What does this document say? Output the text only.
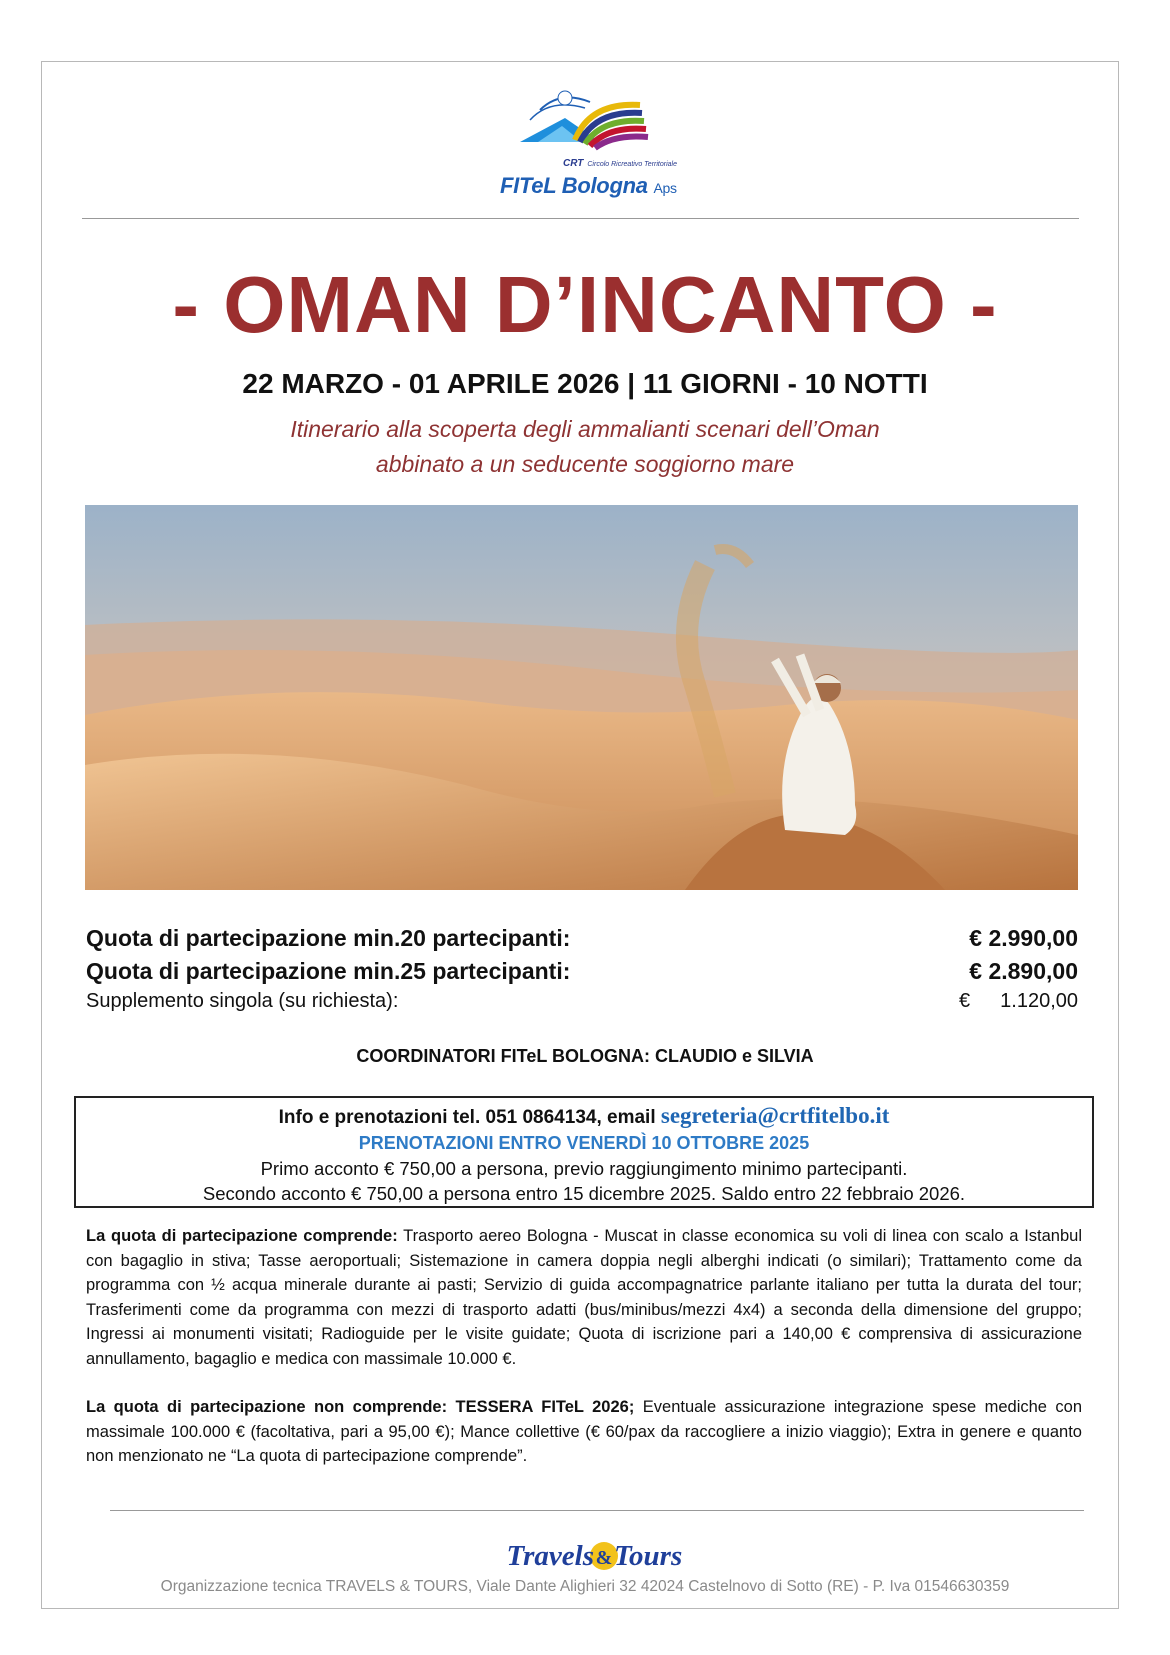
CRT Circolo Ricreativo Territoriale
FITeL Bologna Aps
- OMAN D’INCANTO -
22 MARZO - 01 APRILE 2026 | 11 GIORNI - 10 NOTTI
Itinerario alla scoperta degli ammalianti scenari dell’Oman
abbinato a un seducente soggiorno mare
Quota di partecipazione min.20 partecipanti:	€ 2.990,00
Quota di partecipazione min.25 partecipanti:	€ 2.890,00
Supplemento singola (su richiesta):	€ 1.120,00
COORDINATORI FITeL BOLOGNA: CLAUDIO e SILVIA
Info e prenotazioni tel. 051 0864134, email segreteria@crtfitelbo.it
PRENOTAZIONI ENTRO VENERDÌ 10 OTTOBRE 2025
Primo acconto € 750,00 a persona, previo raggiungimento minimo partecipanti.
Secondo acconto € 750,00 a persona entro 15 dicembre 2025. Saldo entro 22 febbraio 2026.
La quota di partecipazione comprende: Trasporto aereo Bologna - Muscat in classe economica su voli di linea con scalo a Istanbul con bagaglio in stiva; Tasse aeroportuali; Sistemazione in camera doppia negli alberghi indicati (o similari); Trattamento come da programma con ½ acqua minerale durante ai pasti; Servizio di guida accompagnatrice parlante italiano per tutta la durata del tour; Trasferimenti come da programma con mezzi di trasporto adatti (bus/minibus/mezzi 4x4) a seconda della dimensione del gruppo; Ingressi ai monumenti visitati; Radioguide per le visite guidate; Quota di iscrizione pari a 140,00 € comprensiva di assicurazione annullamento, bagaglio e medica con massimale 10.000 €.
La quota di partecipazione non comprende: TESSERA FITeL 2026; Eventuale assicurazione integrazione spese mediche con massimale 100.000 € (facoltativa, pari a 95,00 €); Mance collettive (€ 60/pax da raccogliere a inizio viaggio); Extra in genere e quanto non menzionato ne “La quota di partecipazione comprende”.
Travels & Tours
Organizzazione tecnica TRAVELS & TOURS, Viale Dante Alighieri 32 42024 Castelnovo di Sotto (RE) - P. Iva 01546630359
